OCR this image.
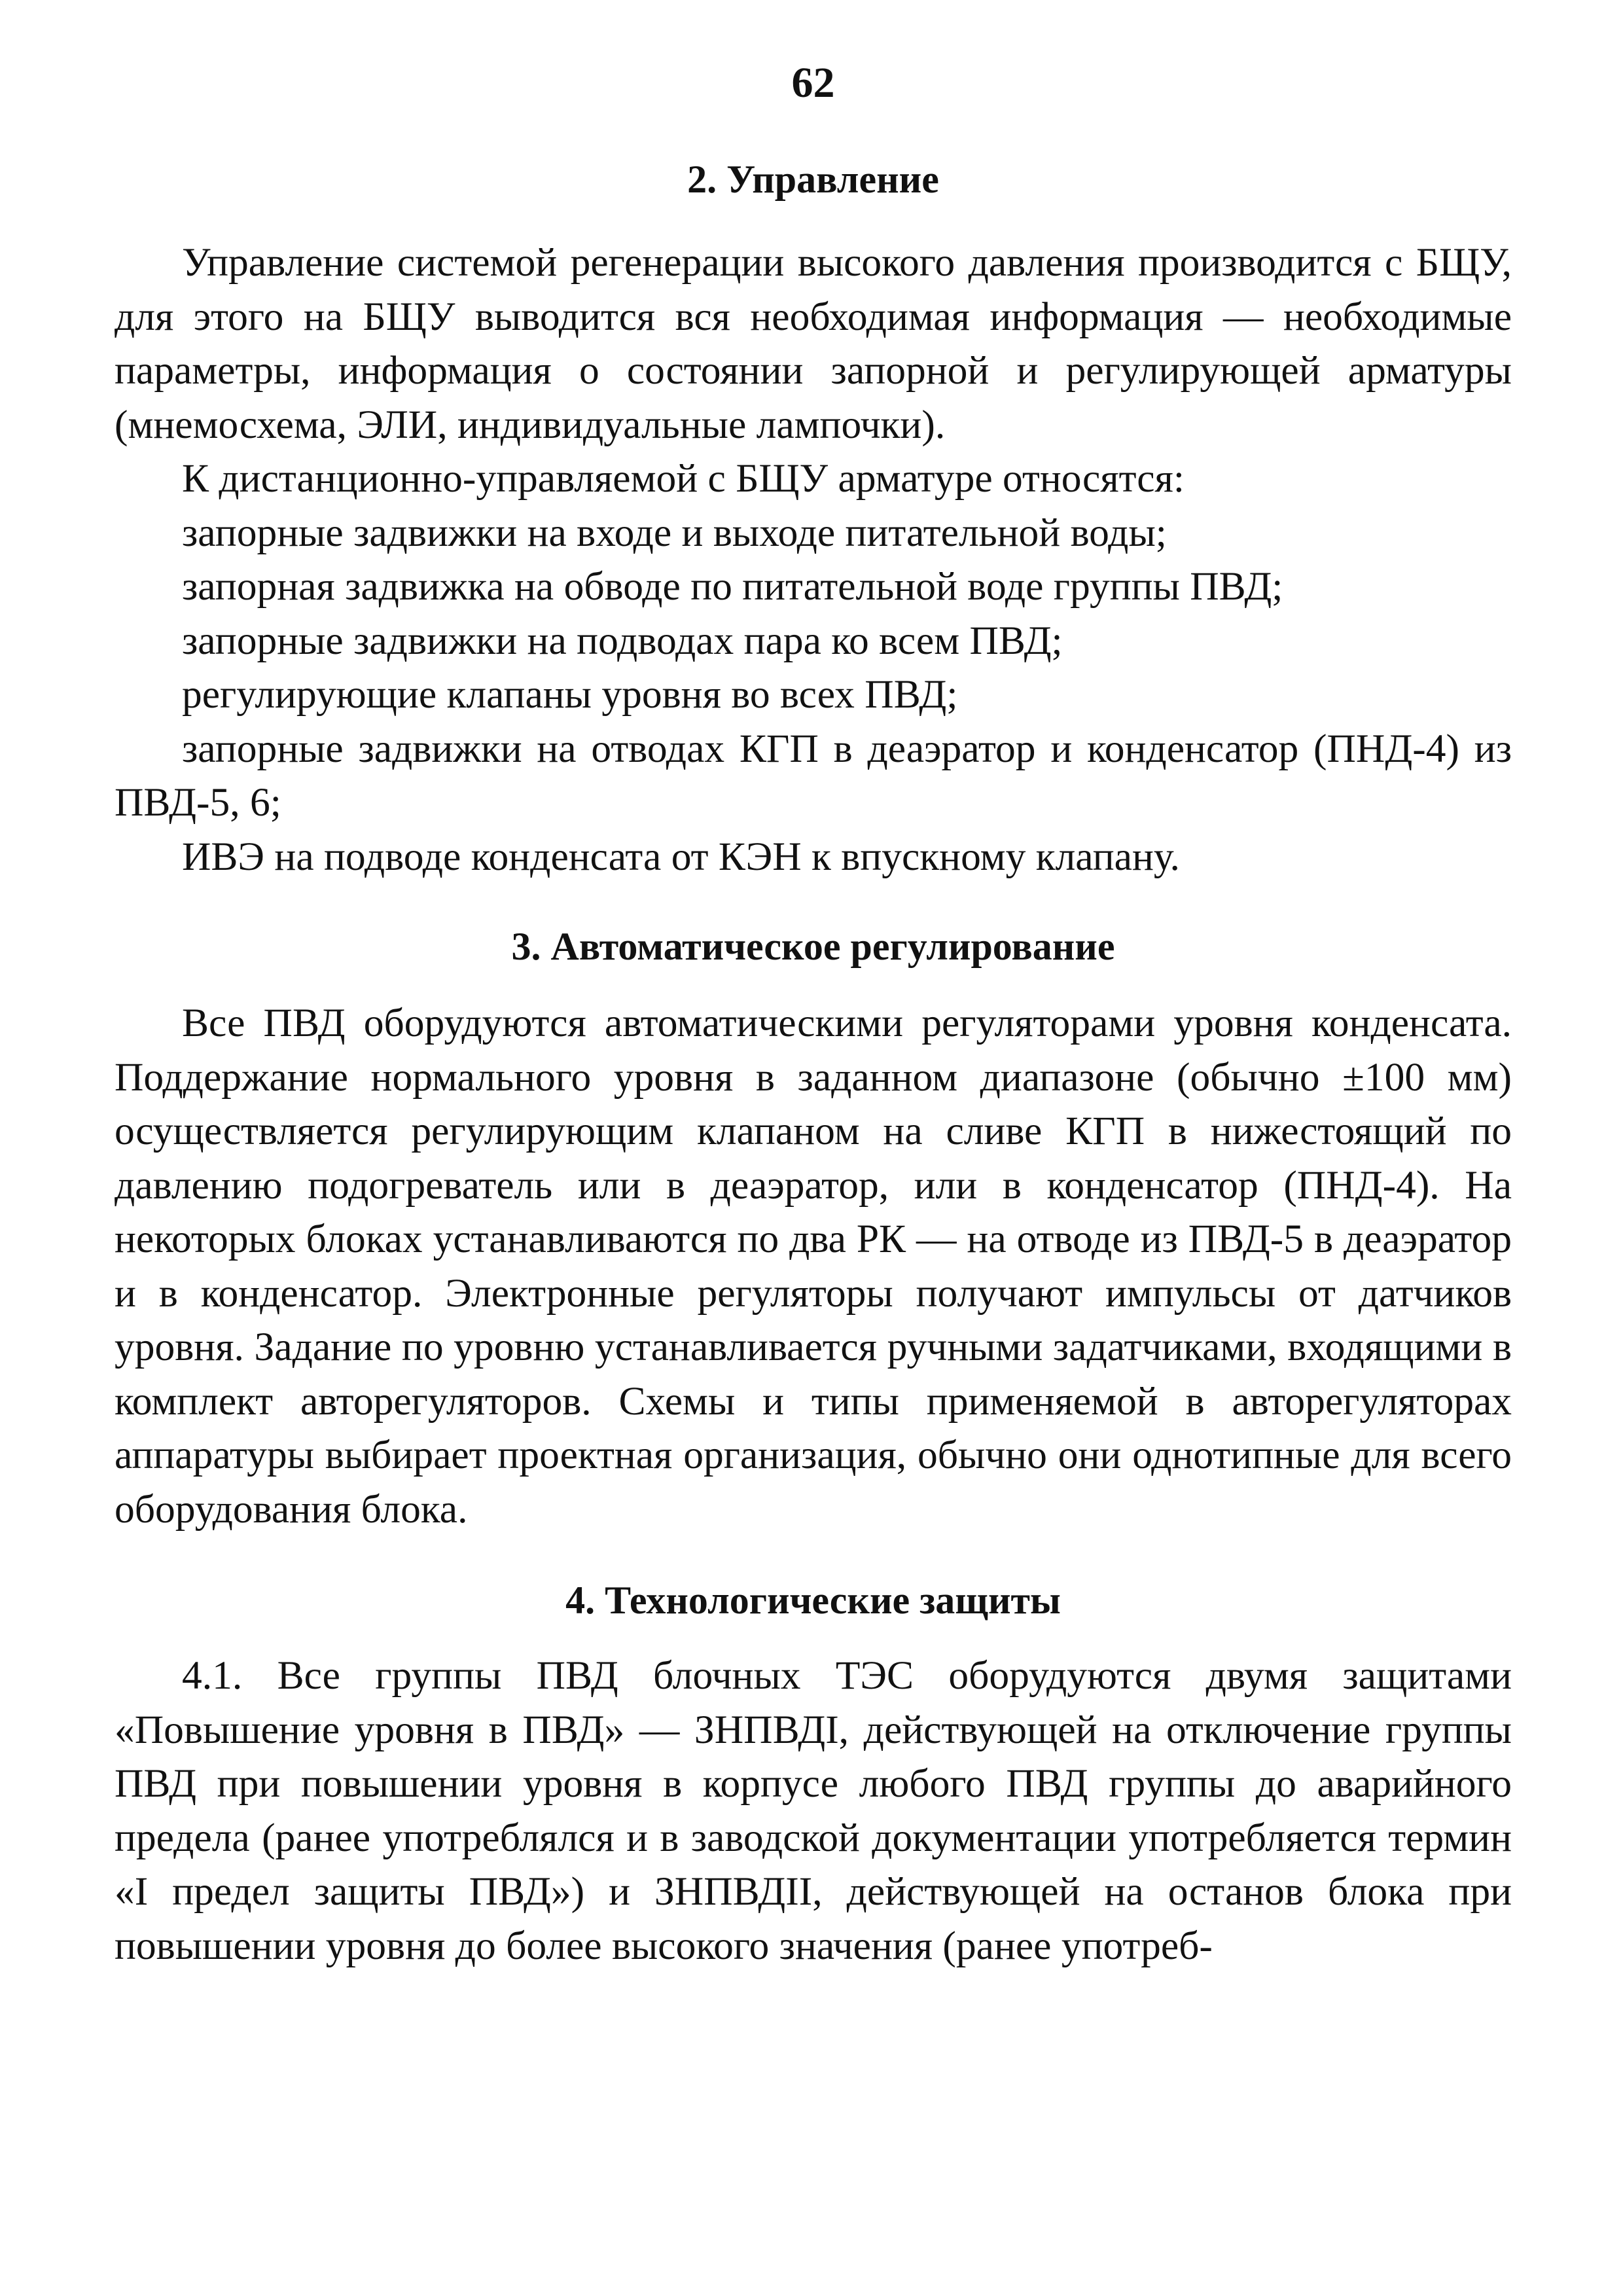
62
2. Управление

Управление системой регенерации высокого давления производится с БЩУ, для этого на БЩУ выводится вся необходимая информация — необходимые параметры, информация о состоянии запорной и регулирующей арматуры (мнемосхема, ЭЛИ, индивидуальные лампочки).

К дистанционно-управляемой с БЩУ арматуре относятся:

запорные задвижки на входе и выходе питательной воды;

запорная задвижка на обводе по питательной воде группы ПВД;

запорные задвижки на подводах пара ко всем ПВД;

регулирующие клапаны уровня во всех ПВД;

запорные задвижки на отводах КГП в деаэратор и конденсатор (ПНД-4) из ПВД-5, 6;

ИВЭ на подводе конденсата от КЭН к впускному клапану.

3. Автоматическое регулирование

Все ПВД оборудуются автоматическими регуляторами уровня конденсата. Поддержание нормального уровня в заданном диапазоне (обычно ±100 мм) осуществляется регулирующим клапаном на сливе КГП в нижестоящий по давлению подогреватель или в деаэратор, или в конденсатор (ПНД-4). На некоторых блоках устанавливаются по два РК — на отводе из ПВД-5 в деаэратор и в конденсатор. Электронные регуляторы получают импульсы от датчиков уровня. Задание по уровню устанавливается ручными задатчиками, входящими в комплект авторегуляторов. Схемы и типы применяемой в авторегуляторах аппаратуры выбирает проектная организация, обычно они однотипные для всего оборудования блока.

4. Технологические защиты

4.1. Все группы ПВД блочных ТЭС оборудуются двумя защитами «Повышение уровня в ПВД» — ЗНПВДI, действующей на отключение группы ПВД при повышении уровня в корпусе любого ПВД группы до аварийного предела (ранее употреблялся и в заводской документации употребляется термин «I предел защиты ПВД») и ЗНПВДII, действующей на останов блока при повышении уровня до более высокого значения (ранее употреб-
